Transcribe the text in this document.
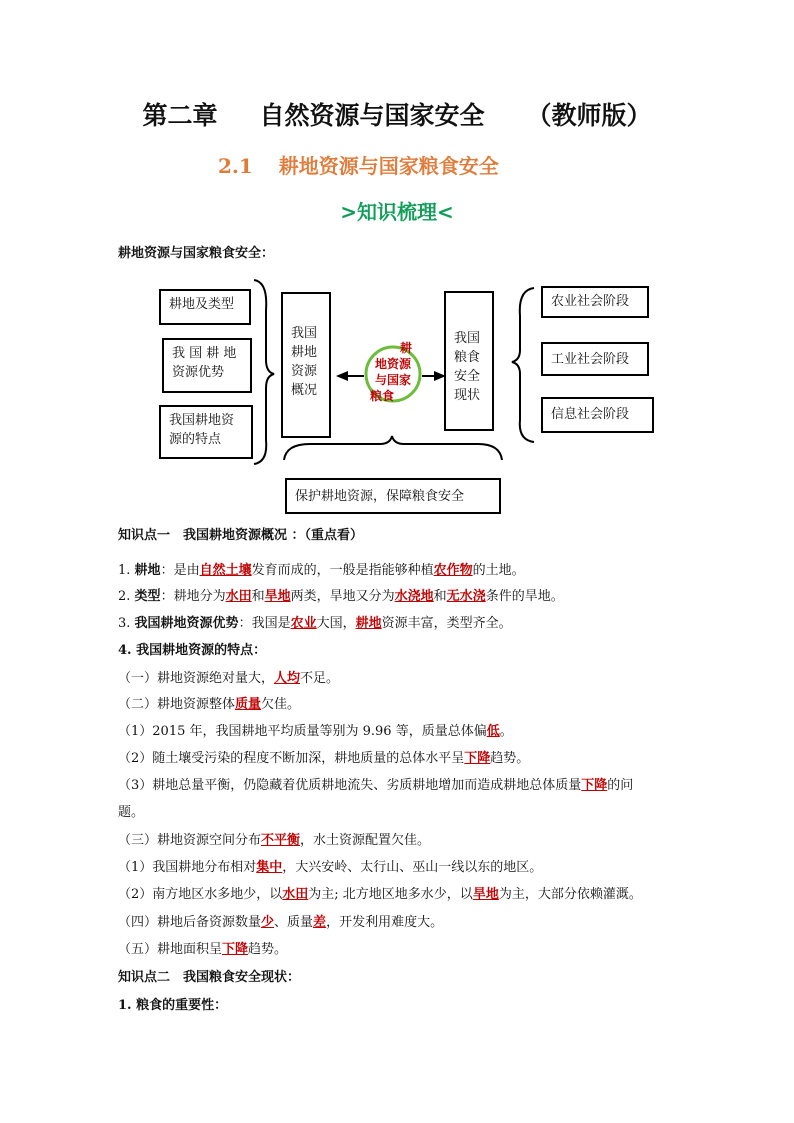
第二章 自然资源与国家安全 （教师版）
2.1 耕地资源与国家粮食安全
>知识梳理<
耕地资源与国家粮食安全：
耕地及类型
我 国 耕 地 资源优势
我国耕地资源的特点
我国耕地资源概况
耕
地资源
与国家
粮食
我国粮食安全现状
农业社会阶段
工业社会阶段
信息社会阶段
保护耕地资源，保障粮食安全
知识点一　我国耕地资源概况 ：（重点看）
1. 耕地：是由自然土壤发育而成的，一般是指能够种植农作物的土地。
2. 类型：耕地分为水田和旱地两类，旱地又分为水浇地和无水浇条件的旱地。
3. 我国耕地资源优势：我国是农业大国，耕地资源丰富，类型齐全。
4. 我国耕地资源的特点：
（一）耕地资源绝对量大，人均不足。
（二）耕地资源整体质量欠佳。
（1）2015 年，我国耕地平均质量等别为 9.96 等，质量总体偏低。
（2）随土壤受污染的程度不断加深，耕地质量的总体水平呈下降趋势。
（3）耕地总量平衡，仍隐藏着优质耕地流失、劣质耕地增加而造成耕地总体质量下降的问
题。
（三）耕地资源空间分布不平衡，水土资源配置欠佳。
（1）我国耕地分布相对集中，大兴安岭、太行山、巫山一线以东的地区。
（2）南方地区水多地少，以水田为主; 北方地区地多水少，以旱地为主，大部分依赖灌溉。
（四）耕地后备资源数量少、质量差，开发利用难度大。
（五）耕地面积呈下降趋势。
知识点二　我国粮食安全现状：
1. 粮食的重要性：
